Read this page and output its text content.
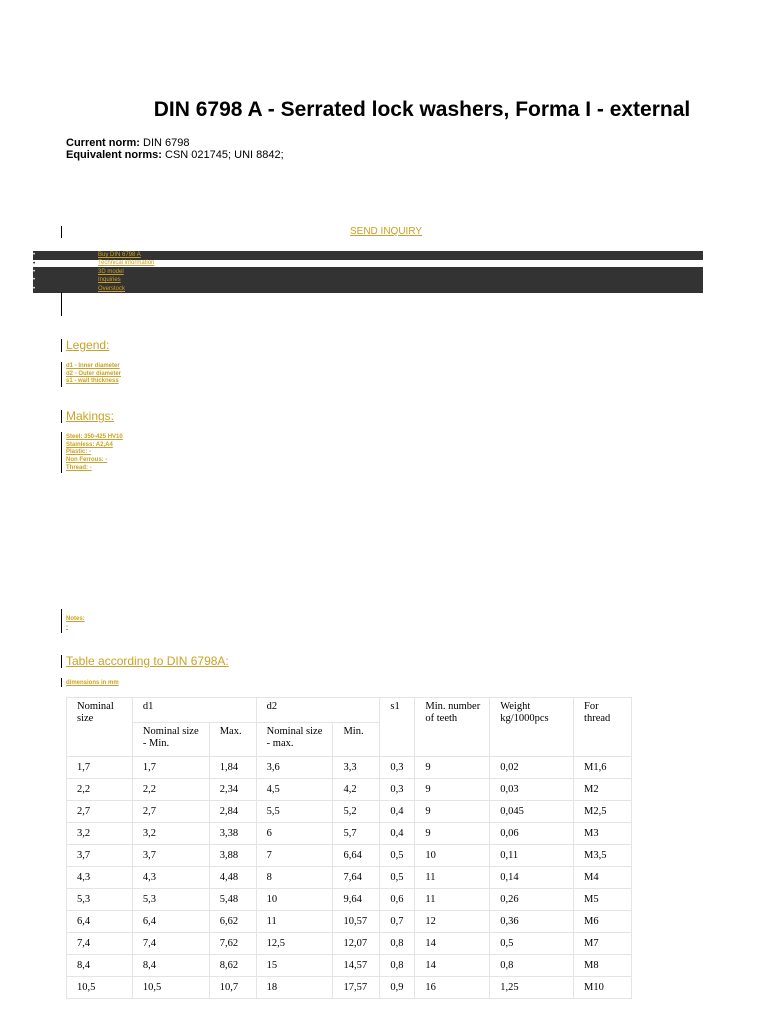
DIN 6798 A - Serrated lock washers, Forma I - external
Current norm: DIN 6798
Equivalent norms: CSN 021745; UNI 8842;
SEND INQUIRY
•	Buy DIN 6798 A
•	Technical information
•	3D model
•	Inquiries
•	Overstock
Legend:
d1 - Inner diameter
d2 - Outer diameter
s1 - wall thickness
Makings:
Steel: 350-425 HV10
Stainless: A2,A4
Plastic: -
Non Ferrous: -
Thread: -
Notes:
-
Table according to DIN 6798A:
dimensions in mm
Nominal size	d1		d2		s1	Min. number of teeth	Weight kg/1000pcs	For thread
	Nominal size - Min.	Max.	Nominal size - max.	Min.				
1,7	1,7	1,84	3,6	3,3	0,3	9	0,02	M1,6
2,2	2,2	2,34	4,5	4,2	0,3	9	0,03	M2
2,7	2,7	2,84	5,5	5,2	0,4	9	0,045	M2,5
3,2	3,2	3,38	6	5,7	0,4	9	0,06	M3
3,7	3,7	3,88	7	6,64	0,5	10	0,11	M3,5
4,3	4,3	4,48	8	7,64	0,5	11	0,14	M4
5,3	5,3	5,48	10	9,64	0,6	11	0,26	M5
6,4	6,4	6,62	11	10,57	0,7	12	0,36	M6
7,4	7,4	7,62	12,5	12,07	0,8	14	0,5	M7
8,4	8,4	8,62	15	14,57	0,8	14	0,8	M8
10,5	10,5	10,7	18	17,57	0,9	16	1,25	M10
